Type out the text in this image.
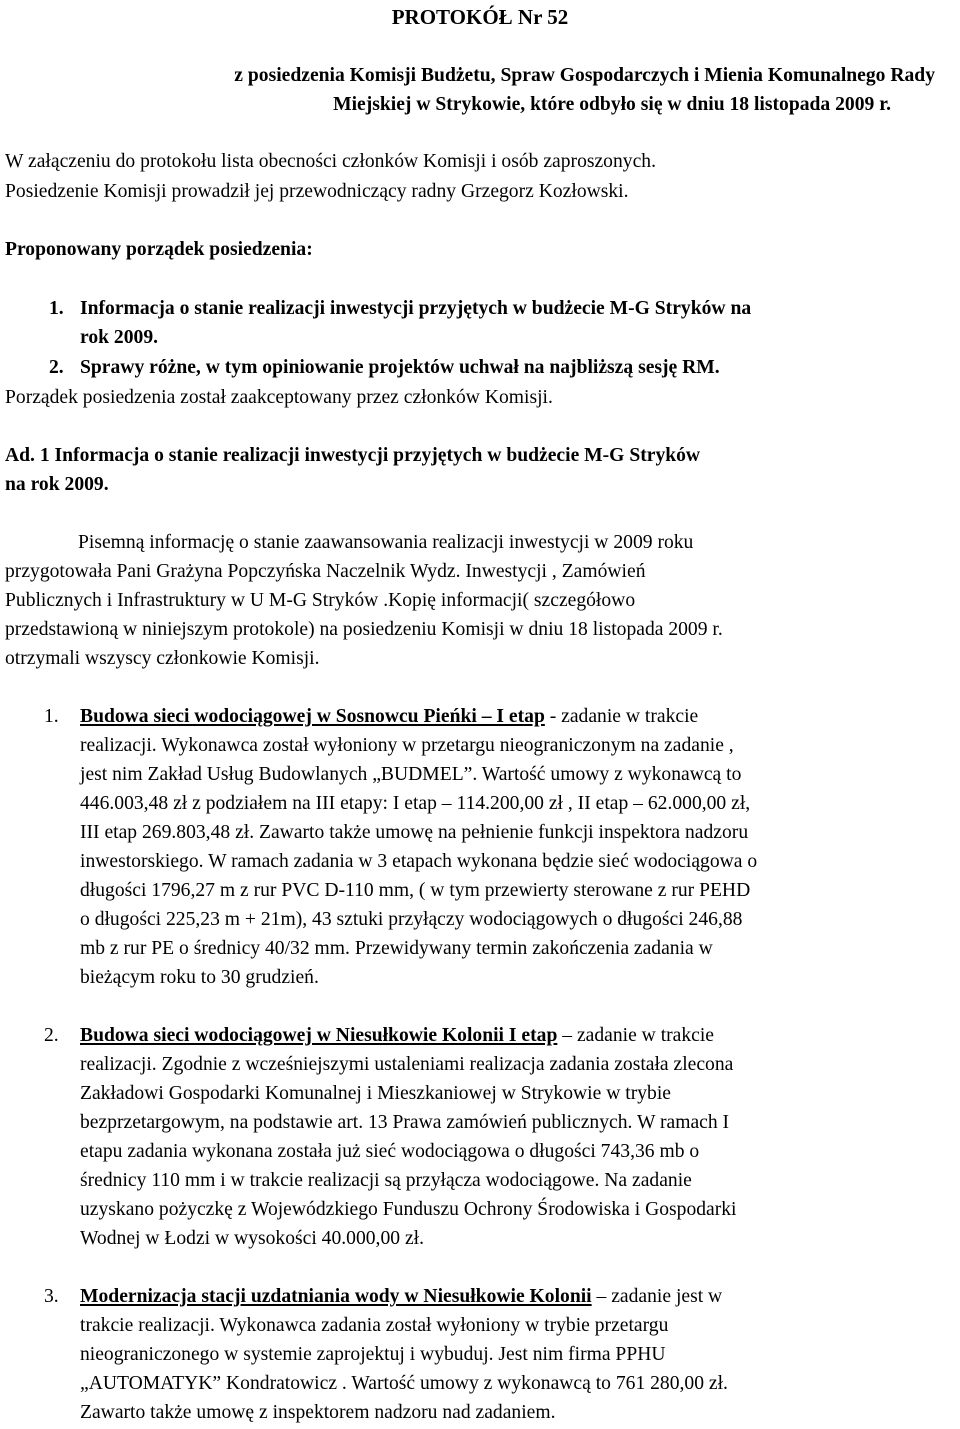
PROTOKÓŁ Nr 52
z posiedzenia Komisji Budżetu, Spraw Gospodarczych i Mienia Komunalnego Rady
Miejskiej w Strykowie, które odbyło się w dniu 18 listopada 2009 r.
W załączeniu do protokołu lista obecności członków Komisji i osób zaproszonych.
Posiedzenie Komisji prowadził jej przewodniczący radny Grzegorz Kozłowski.
Proponowany porządek posiedzenia:
1. Informacja o stanie realizacji inwestycji przyjętych w budżecie M-G Stryków na
rok 2009.
2. Sprawy różne, w tym opiniowanie projektów uchwał na najbliższą sesję RM.
Porządek posiedzenia został zaakceptowany przez członków Komisji.
Ad. 1 Informacja o stanie realizacji inwestycji przyjętych w budżecie M-G Stryków
na rok 2009.
Pisemną informację o stanie zaawansowania realizacji inwestycji w 2009 roku
przygotowała Pani Grażyna Popczyńska Naczelnik Wydz. Inwestycji , Zamówień
Publicznych i Infrastruktury w U M-G Stryków .Kopię informacji( szczegółowo
przedstawioną w niniejszym protokole) na posiedzeniu Komisji w dniu 18 listopada 2009 r.
otrzymali wszyscy członkowie Komisji.
1. Budowa sieci wodociągowej w Sosnowcu Pieńki – I etap - zadanie w trakcie
realizacji. Wykonawca został wyłoniony w przetargu nieograniczonym na zadanie ,
jest nim Zakład Usług Budowlanych „BUDMEL”. Wartość umowy z wykonawcą to
446.003,48 zł z podziałem na III etapy: I etap – 114.200,00 zł , II etap – 62.000,00 zł,
III etap 269.803,48 zł. Zawarto także umowę na pełnienie funkcji inspektora nadzoru
inwestorskiego. W ramach zadania w 3 etapach wykonana będzie sieć wodociągowa o
długości 1796,27 m z rur PVC D-110 mm, ( w tym przewierty sterowane z rur PEHD
o długości 225,23 m + 21m), 43 sztuki przyłączy wodociągowych o długości 246,88
mb z rur PE o średnicy 40/32 mm. Przewidywany termin zakończenia zadania w
bieżącym roku to 30 grudzień.
2. Budowa sieci wodociągowej w Niesułkowie Kolonii I etap – zadanie w trakcie
realizacji. Zgodnie z wcześniejszymi ustaleniami realizacja zadania została zlecona
Zakładowi Gospodarki Komunalnej i Mieszkaniowej w Strykowie w trybie
bezprzetargowym, na podstawie art. 13 Prawa zamówień publicznych. W ramach I
etapu zadania wykonana została już sieć wodociągowa o długości 743,36 mb o
średnicy 110 mm i w trakcie realizacji są przyłącza wodociągowe. Na zadanie
uzyskano pożyczkę z Wojewódzkiego Funduszu Ochrony Środowiska i Gospodarki
Wodnej w Łodzi w wysokości 40.000,00 zł.
3. Modernizacja stacji uzdatniania wody w Niesułkowie Kolonii – zadanie jest w
trakcie realizacji. Wykonawca zadania został wyłoniony w trybie przetargu
nieograniczonego w systemie zaprojektuj i wybuduj. Jest nim firma PPHU
„AUTOMATYK” Kondratowicz . Wartość umowy z wykonawcą to 761 280,00 zł.
Zawarto także umowę z inspektorem nadzoru nad zadaniem.
